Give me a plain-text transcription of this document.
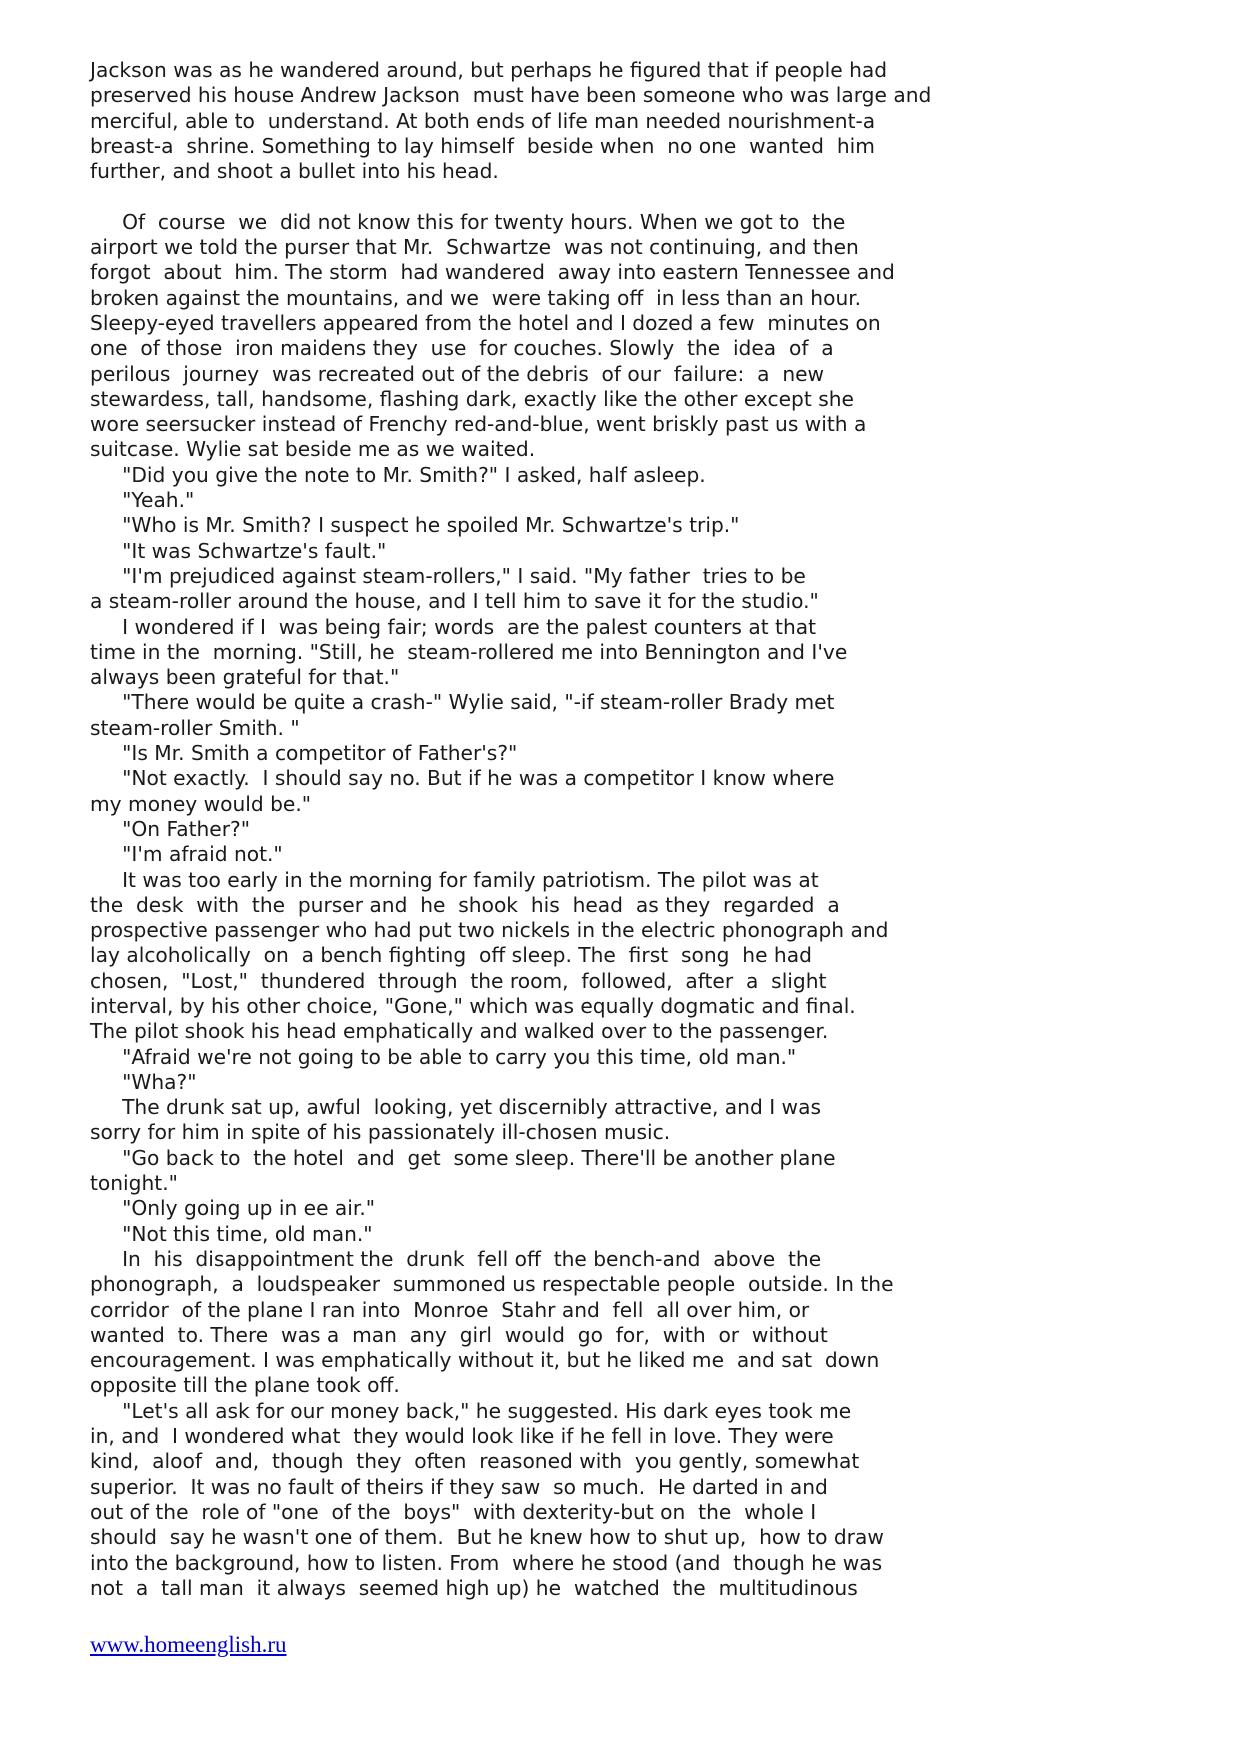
Jackson was as he wandered around, but perhaps he figured that if people had
preserved his house Andrew Jackson  must have been someone who was large and
merciful, able to  understand. At both ends of life man needed nourishment-a
breast-a  shrine. Something to lay himself  beside when  no one  wanted  him
further, and shoot a bullet into his head.
Of  course  we  did not know this for twenty hours. When we got to  the
airport we told the purser that Mr.  Schwartze  was not continuing, and then
forgot  about  him. The storm  had wandered  away into eastern Tennessee and
broken against the mountains, and we  were taking off  in less than an hour.
Sleepy-eyed travellers appeared from the hotel and I dozed a few  minutes on
one  of those  iron maidens they  use  for couches. Slowly  the  idea  of  a
perilous  journey  was recreated out of the debris  of our  failure:  a  new
stewardess, tall, handsome, flashing dark, exactly like the other except she
wore seersucker instead of Frenchy red-and-blue, went briskly past us with a
suitcase. Wylie sat beside me as we waited.
"Did you give the note to Mr. Smith?" I asked, half asleep.
"Yeah."
"Who is Mr. Smith? I suspect he spoiled Mr. Schwartze's trip."
"It was Schwartze's fault."
"I'm prejudiced against steam-rollers," I said. "My father  tries to be
a steam-roller around the house, and I tell him to save it for the studio."
I wondered if I  was being fair; words  are the palest counters at that
time in the  morning. "Still, he  steam-rollered me into Bennington and I've
always been grateful for that."
"There would be quite a crash-" Wylie said, "-if steam-roller Brady met
steam-roller Smith. "
"Is Mr. Smith a competitor of Father's?"
"Not exactly.  I should say no. But if he was a competitor I know where
my money would be."
"On Father?"
"I'm afraid not."
It was too early in the morning for family patriotism. The pilot was at
the  desk  with  the  purser and  he  shook  his  head  as they  regarded  a
prospective passenger who had put two nickels in the electric phonograph and
lay alcoholically  on  a bench fighting  off sleep. The  first  song  he had
chosen,  "Lost,"  thundered  through  the room,  followed,  after  a  slight
interval, by his other choice, "Gone," which was equally dogmatic and final.
The pilot shook his head emphatically and walked over to the passenger.
"Afraid we're not going to be able to carry you this time, old man."
"Wha?"
The drunk sat up, awful  looking, yet discernibly attractive, and I was
sorry for him in spite of his passionately ill-chosen music.
"Go back to  the hotel  and  get  some sleep. There'll be another plane
tonight."
"Only going up in ee air."
"Not this time, old man."
In  his  disappointment the  drunk  fell off  the bench-and  above  the
phonograph,  a  loudspeaker  summoned us respectable people  outside. In the
corridor  of the plane I ran into  Monroe  Stahr and  fell  all over him, or
wanted  to. There  was a  man  any  girl  would  go  for,  with  or  without
encouragement. I was emphatically without it, but he liked me  and sat  down
opposite till the plane took off.
"Let's all ask for our money back," he suggested. His dark eyes took me
in, and  I wondered what  they would look like if he fell in love. They were
kind,  aloof  and,  though  they  often  reasoned with  you gently, somewhat
superior.  It was no fault of theirs if they saw  so much.  He darted in and
out of the  role of "one  of the  boys"  with dexterity-but on  the  whole I
should  say he wasn't one of them.  But he knew how to shut up,  how to draw
into the background, how to listen. From  where he stood (and  though he was
not  a  tall man  it always  seemed high up) he  watched  the  multitudinous
www.homeenglish.ru
